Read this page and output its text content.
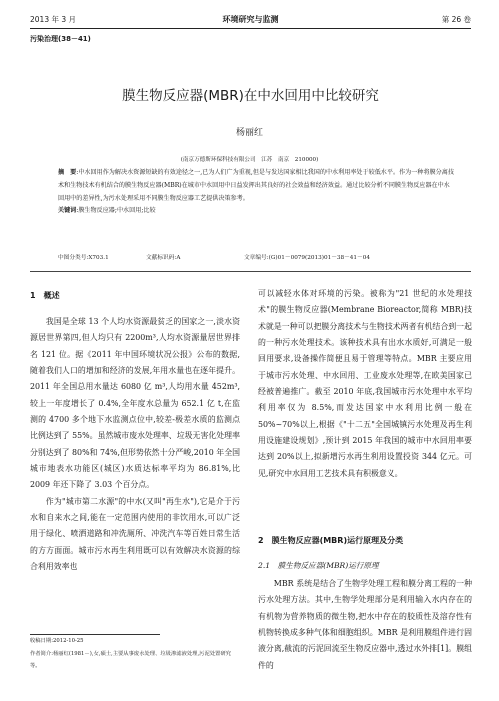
2013 年 3 月	环境研究与监测	第 26 卷
污染治理(38－41)
膜生物反应器(MBR)在中水回用中比较研究
杨丽红
(南京万德斯环保科技有限公司　江苏　南京　210000)
摘　要:中水回用作为解决水资源短缺的有效途径之一,已为人们广为重视,但是与发达国家相比我国的中水利用率处于较低水平。作为一种将膜分离技术和生物技术有机结合的膜生物反应器(MBR)在城市中水回用中日益发挥出其良好的社会效益和经济效益。通过比较分析不同膜生物反应器在中水回用中的差异性,为污水处理采用不同膜生物反应器工艺提供决策参考。
关键词:膜生物反应器;中水回用;比较
中图分类号:X703.1	文献标识码:A	文章编号:(G)01－0079(2013)01－38－41－04
1　概述

我国是全球 13 个人均水资源最贫乏的国家之一,淡水资源居世界第四,但人均只有 2200m³,人均水资源量居世界排名 121 位。据《2011 年中国环境状况公报》公布的数据,随着我们人口的增加和经济的发展,年用水量也在逐年提升。2011 年全国总用水量达 6080 亿 m³,人均用水量 452m³,较上一年度增长了 0.4%,全年度水总量为 652.1 亿 t,在监测的 4700 多个地下水监测点位中,较差-极差水质的监测点比例达到了 55%。虽然城市废水处理率、垃圾无害化处理率分别达到了 80%和 74%,但形势依然十分严峻,2010 年全国城市地表水功能区(城区)水质达标率平均为 86.81%,比 2009 年还下降了 3.03 个百分点。

作为"城市第二水源"的中水(又叫"再生水"),它是介于污水和自来水之间,能在一定范围内使用的非饮用水,可以广泛用于绿化、喷洒道路和冲洗厕所、冲洗汽车等百姓日常生活的方方面面。城市污水再生利用既可以有效解决水资源的综合利用效率也

可以减轻水体对环境的污染。被称为"21 世纪的水处理技术"的膜生物反应器(Membrane Bioreactor,简称 MBR)技术就是一种可以把膜分离技术与生物技术两者有机结合到一起的一种污水处理技术。该种技术具有出水水质好,可满足一般回用要求,设备操作简便且易于管理等特点。MBR 主要应用于城市污水处理、中水回用、工业废水处理等,在欧美国家已经被普遍推广。截至 2010 年底,我国城市污水处理中水平均利用率仅为 8.5%,而发达国家中水利用比例一般在 50%~70%以上,根据《"十二五"全国城镇污水处理及再生利用设施建设规划》,预计到 2015 年我国的城市中水回用率要达到 20%以上,拟新增污水再生利用设置投资 344 亿元。可见,研究中水回用工艺技术具有积极意义。

2　膜生物反应器(MBR)运行原理及分类
2.1　膜生物反应器(MBR)运行原理

MBR 系统是结合了生物学处理工程和膜分离工程的一种污水处理方法。其中,生物学处理部分是利用输入水内存在的有机物为营养物质的微生物,把水中存在的胶质性及溶存性有机物转换成多种气体和细胞组织。MBR 是利用膜组件进行固液分离,截流的污泥回流至生物反应器中,透过水外排[1]。膜组件的

收稿日期:2012-10-25
作者简介:杨丽红(1981－),女,硕士,主要从事废水处理、垃圾渗滤液处理,污泥处置研究等。
